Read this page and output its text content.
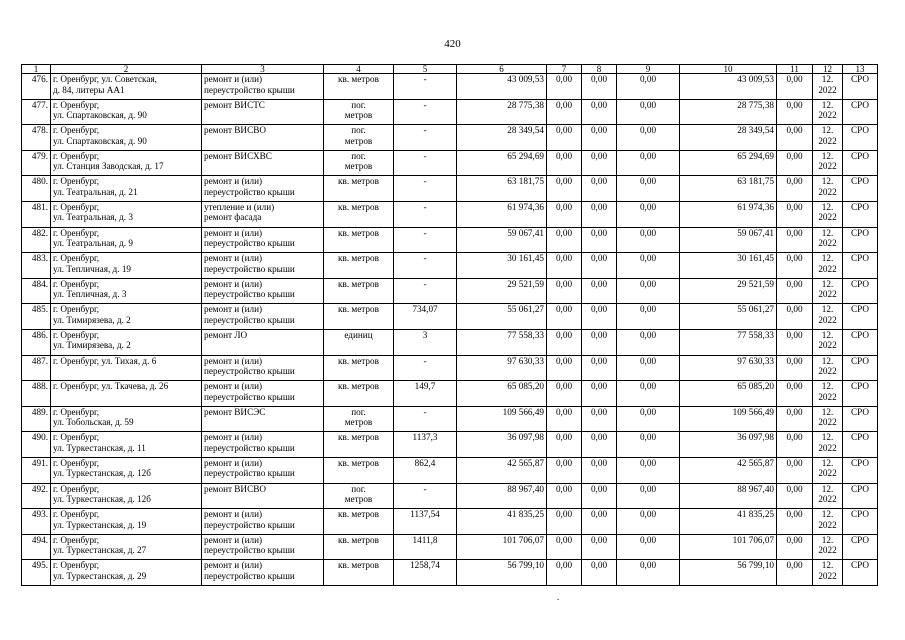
420
1	2	3	4	5	6	7	8	9	10	11	12	13
476.	г. Оренбург, ул. Советская,
д. 84, литеры АА1	ремонт и (или)
переустройство крыши	кв. метров	-	43 009,53	0,00	0,00	0,00	43 009,53	0,00	12.
2022	СРО
477.	г. Оренбург,
ул. Спартаковская, д. 90	ремонт ВИСТС	пог.
метров	-	28 775,38	0,00	0,00	0,00	28 775,38	0,00	12.
2022	СРО
478.	г. Оренбург,
ул. Спартаковская, д. 90	ремонт ВИСВО	пог.
метров	-	28 349,54	0,00	0,00	0,00	28 349,54	0,00	12.
2022	СРО
479.	г. Оренбург,
ул. Станция Заводская, д. 17	ремонт ВИСХВС	пог.
метров	-	65 294,69	0,00	0,00	0,00	65 294,69	0,00	12.
2022	СРО
480.	г. Оренбург,
ул. Театральная, д. 21	ремонт и (или)
переустройство крыши	кв. метров	-	63 181,75	0,00	0,00	0,00	63 181,75	0,00	12.
2022	СРО
481.	г. Оренбург,
ул. Театральная, д. 3	утепление и (или)
ремонт фасада	кв. метров	-	61 974,36	0,00	0,00	0,00	61 974,36	0,00	12.
2022	СРО
482.	г. Оренбург,
ул. Театральная, д. 9	ремонт и (или)
переустройство крыши	кв. метров	-	59 067,41	0,00	0,00	0,00	59 067,41	0,00	12.
2022	СРО
483.	г. Оренбург,
ул. Тепличная, д. 19	ремонт и (или)
переустройство крыши	кв. метров	-	30 161,45	0,00	0,00	0,00	30 161,45	0,00	12.
2022	СРО
484.	г. Оренбург,
ул. Тепличная, д. 3	ремонт и (или)
переустройство крыши	кв. метров	-	29 521,59	0,00	0,00	0,00	29 521,59	0,00	12.
2022	СРО
485.	г. Оренбург,
ул. Тимирязева, д. 2	ремонт и (или)
переустройство крыши	кв. метров	734,07	55 061,27	0,00	0,00	0,00	55 061,27	0,00	12.
2022	СРО
486.	г. Оренбург,
ул. Тимирязева, д. 2	ремонт ЛО	единиц	3	77 558,33	0,00	0,00	0,00	77 558,33	0,00	12.
2022	СРО
487.	г. Оренбург, ул. Тихая, д. 6	ремонт и (или)
переустройство крыши	кв. метров	-	97 630,33	0,00	0,00	0,00	97 630,33	0,00	12.
2022	СРО
488.	г. Оренбург, ул. Ткачева, д. 26	ремонт и (или)
переустройство крыши	кв. метров	149,7	65 085,20	0,00	0,00	0,00	65 085,20	0,00	12.
2022	СРО
489.	г. Оренбург,
ул. Тобольская, д. 59	ремонт ВИСЭС	пог.
метров	-	109 566,49	0,00	0,00	0,00	109 566,49	0,00	12.
2022	СРО
490.	г. Оренбург,
ул. Туркестанская, д. 11	ремонт и (или)
переустройство крыши	кв. метров	1137,3	36 097,98	0,00	0,00	0,00	36 097,98	0,00	12.
2022	СРО
491.	г. Оренбург,
ул. Туркестанская, д. 12б	ремонт и (или)
переустройство крыши	кв. метров	862,4	42 565,87	0,00	0,00	0,00	42 565,87	0,00	12.
2022	СРО
492.	г. Оренбург,
ул. Туркестанская, д. 12б	ремонт ВИСВО	пог.
метров	-	88 967,40	0,00	0,00	0,00	88 967,40	0,00	12.
2022	СРО
493.	г. Оренбург,
ул. Туркестанская, д. 19	ремонт и (или)
переустройство крыши	кв. метров	1137,54	41 835,25	0,00	0,00	0,00	41 835,25	0,00	12.
2022	СРО
494.	г. Оренбург,
ул. Туркестанская, д. 27	ремонт и (или)
переустройство крыши	кв. метров	1411,8	101 706,07	0,00	0,00	0,00	101 706,07	0,00	12.
2022	СРО
495.	г. Оренбург,
ул. Туркестанская, д. 29	ремонт и (или)
переустройство крыши	кв. метров	1258,74	56 799,10	0,00	0,00	0,00	56 799,10	0,00	12.
2022	СРО
.
